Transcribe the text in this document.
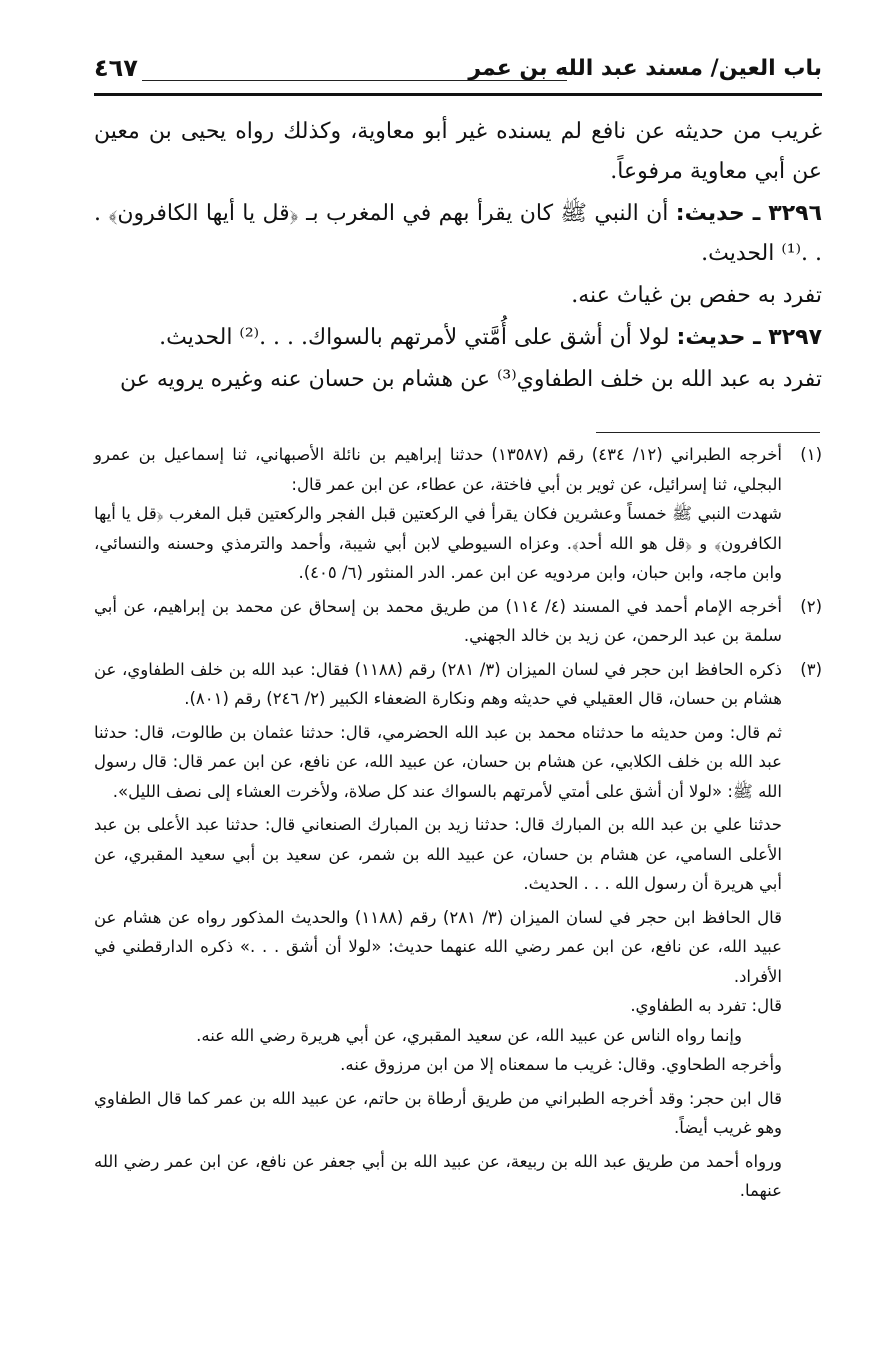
باب العين/ مسند عبد الله بن عمر
٤٦٧

غريب من حديثه عن نافع لم يسنده غير أبو معاوية، وكذلك رواه يحيى بن معين عن أبي معاوية مرفوعاً.

٣٢٩٦ ـ حديث: أن النبي ﷺ كان يقرأ بهم في المغرب بـ ﴿قل يا أيها الكافرون﴾ . . .⁽¹⁾ الحديث.

تفرد به حفص بن غياث عنه.

٣٢٩٧ ـ حديث: لولا أن أشق على أُمَّتي لأمرتهم بالسواك. . . .⁽²⁾ الحديث.

تفرد به عبد الله بن خلف الطفاوي⁽³⁾ عن هشام بن حسان عنه وغيره يرويه عن

(١)

أخرجه الطبراني (١٢/ ٤٣٤) رقم (١٣٥٨٧) حدثنا إبراهيم بن نائلة الأصبهاني، ثنا إسماعيل بن عمرو البجلي، ثنا إسرائيل، عن ثوير بن أبي فاختة، عن عطاء، عن ابن عمر قال:

شهدت النبي ﷺ خمساً وعشرين فكان يقرأ في الركعتين قبل الفجر والركعتين قبل المغرب ﴿قل يا أيها الكافرون﴾ و ﴿قل هو الله أحد﴾. وعزاه السيوطي لابن أبي شيبة، وأحمد والترمذي وحسنه والنسائي، وابن ماجه، وابن حبان، وابن مردويه عن ابن عمر. الدر المنثور (٦/ ٤٠٥).

(٢)

أخرجه الإمام أحمد في المسند (٤/ ١١٤) من طريق محمد بن إسحاق عن محمد بن إبراهيم، عن أبي سلمة بن عبد الرحمن، عن زيد بن خالد الجهني.

(٣)

ذكره الحافظ ابن حجر في لسان الميزان (٣/ ٢٨١) رقم (١١٨٨) فقال: عبد الله بن خلف الطفاوي، عن هشام بن حسان، قال العقيلي في حديثه وهم ونكارة الضعفاء الكبير (٢/ ٢٤٦) رقم (٨٠١).

ثم قال: ومن حديثه ما حدثناه محمد بن عبد الله الحضرمي، قال: حدثنا عثمان بن طالوت، قال: حدثنا عبد الله بن خلف الكلابي، عن هشام بن حسان، عن عبيد الله، عن نافع، عن ابن عمر قال: قال رسول الله ﷺ: «لولا أن أشق على أمتي لأمرتهم بالسواك عند كل صلاة، ولأخرت العشاء إلى نصف الليل».

حدثنا علي بن عبد الله بن المبارك قال: حدثنا زيد بن المبارك الصنعاني قال: حدثنا عبد الأعلى بن عبد الأعلى السامي، عن هشام بن حسان، عن عبيد الله بن شمر، عن سعيد بن أبي سعيد المقبري، عن أبي هريرة أن رسول الله . . . الحديث.

قال الحافظ ابن حجر في لسان الميزان (٣/ ٢٨١) رقم (١١٨٨) والحديث المذكور رواه عن هشام عن عبيد الله، عن نافع، عن ابن عمر رضي الله عنهما حديث: «لولا أن أشق . . .» ذكره الدارقطني في الأفراد.

قال: تفرد به الطفاوي.

وإنما رواه الناس عن عبيد الله، عن سعيد المقبري، عن أبي هريرة رضي الله عنه.

وأخرجه الطحاوي. وقال: غريب ما سمعناه إلا من ابن مرزوق عنه.

قال ابن حجر: وقد أخرجه الطبراني من طريق أرطاة بن حاتم، عن عبيد الله بن عمر كما قال الطفاوي وهو غريب أيضاً.

ورواه أحمد من طريق عبد الله بن ربيعة، عن عبيد الله بن أبي جعفر عن نافع، عن ابن عمر رضي الله عنهما.
